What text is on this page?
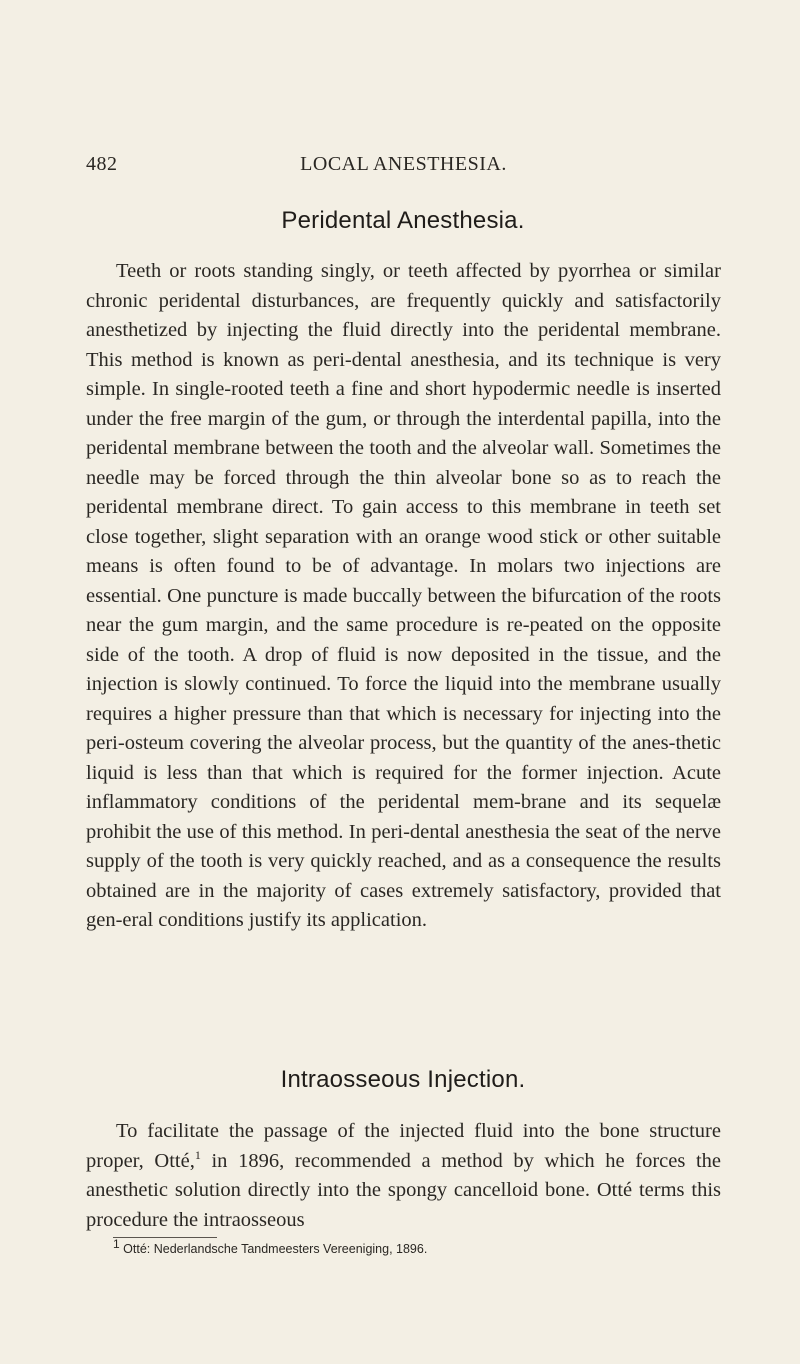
482	LOCAL ANESTHESIA.
Peridental Anesthesia.

Teeth or roots standing singly, or teeth affected by pyorrhea or similar chronic peridental disturbances, are frequently quickly and satisfactorily anesthetized by injecting the fluid directly into the peridental membrane. This method is known as peri-dental anesthesia, and its technique is very simple. In single-rooted teeth a fine and short hypodermic needle is inserted under the free margin of the gum, or through the interdental papilla, into the peridental membrane between the tooth and the alveolar wall. Sometimes the needle may be forced through the thin alveolar bone so as to reach the peridental membrane direct. To gain access to this membrane in teeth set close together, slight separation with an orange wood stick or other suitable means is often found to be of advantage. In molars two injections are essential. One puncture is made buccally between the bifurcation of the roots near the gum margin, and the same procedure is re-peated on the opposite side of the tooth. A drop of fluid is now deposited in the tissue, and the injection is slowly continued. To force the liquid into the membrane usually requires a higher pressure than that which is necessary for injecting into the peri-osteum covering the alveolar process, but the quantity of the anes-thetic liquid is less than that which is required for the former injection. Acute inflammatory conditions of the peridental mem-brane and its sequelæ prohibit the use of this method. In peri-dental anesthesia the seat of the nerve supply of the tooth is very quickly reached, and as a consequence the results obtained are in the majority of cases extremely satisfactory, provided that gen-eral conditions justify its application.

Intraosseous Injection.

To facilitate the passage of the injected fluid into the bone structure proper, Otté,$^1$ in 1896, recommended a method by which he forces the anesthetic solution directly into the spongy cancelloid bone. Otté terms this procedure the intraosseous

$^1$ Otté: Nederlandsche Tandmeesters Vereeniging, 1896.
